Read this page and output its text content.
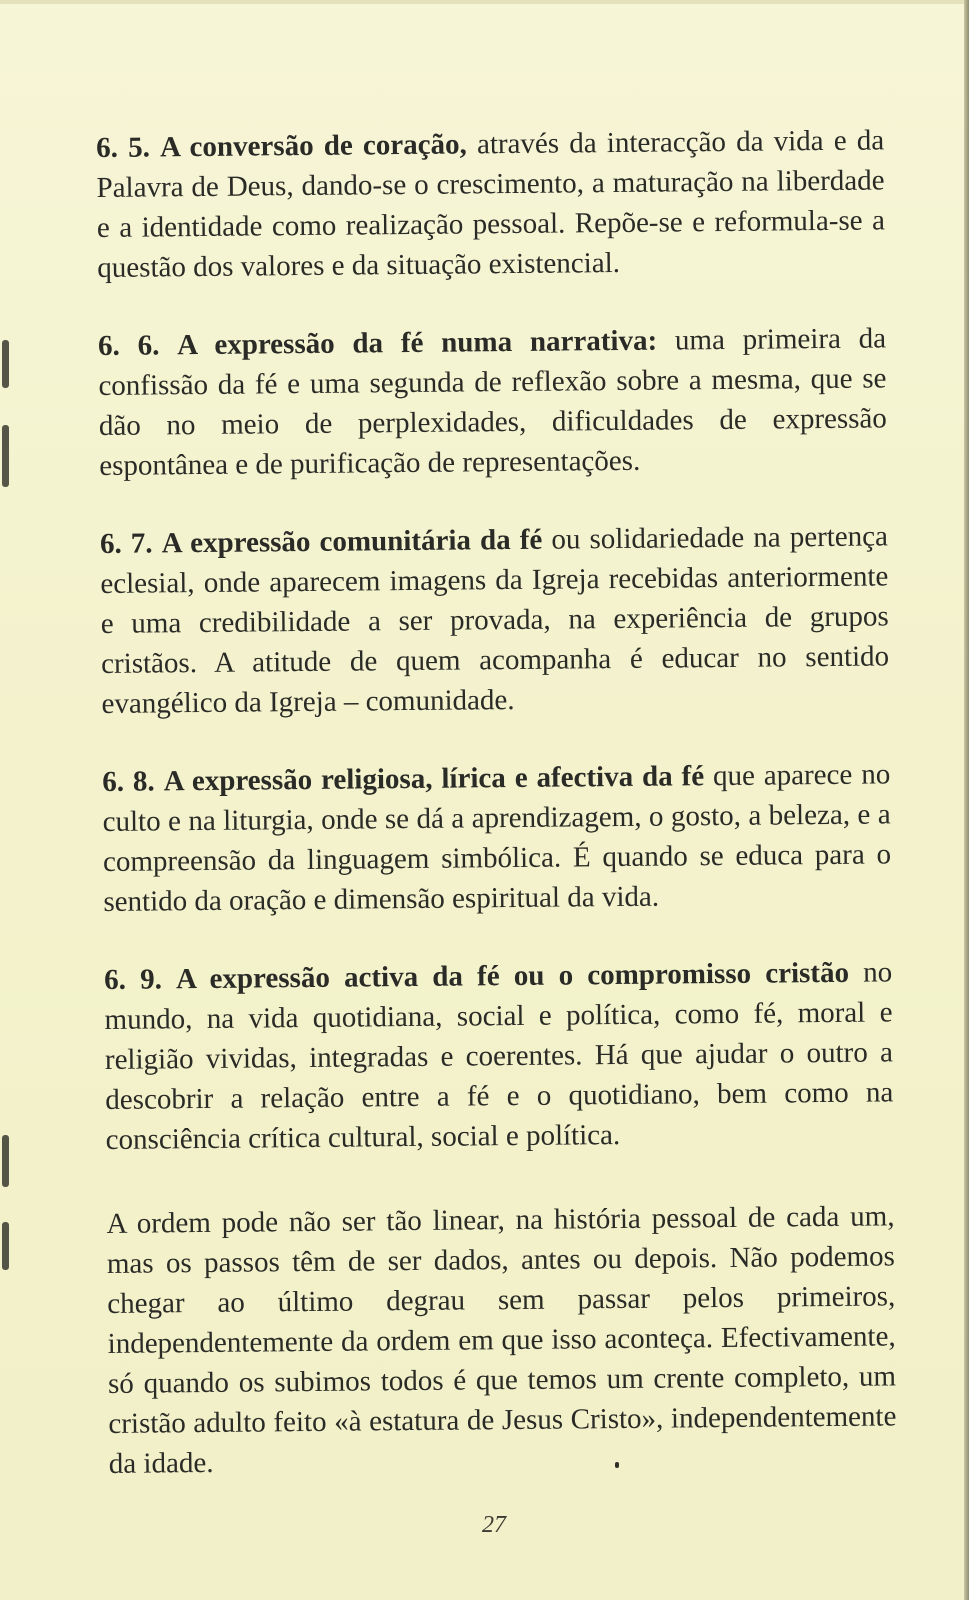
6. 5. A conversão de coração, através da interacção da vida e da Palavra de Deus, dando-se o crescimento, a maturação na liberdade e a identidade como realização pessoal. Repõe-se e reformula-se a questão dos valores e da situação existencial.

6. 6. A expressão da fé numa narrativa: uma primeira da confissão da fé e uma segunda de reflexão sobre a mesma, que se dão no meio de perplexidades, dificuldades de expressão espontânea e de purificação de representações.

6. 7. A expressão comunitária da fé ou solidariedade na pertença eclesial, onde aparecem imagens da Igreja recebidas anteriormente e uma credibilidade a ser provada, na experiência de grupos cristãos. A atitude de quem acompanha é educar no sentido evangélico da Igreja – comunidade.

6. 8. A expressão religiosa, lírica e afectiva da fé que aparece no culto e na liturgia, onde se dá a aprendizagem, o gosto, a beleza, e a compreensão da linguagem simbólica. É quando se educa para o sentido da oração e dimensão espiritual da vida.

6. 9. A expressão activa da fé ou o compromisso cristão no mundo, na vida quotidiana, social e política, como fé, moral e religião vividas, integradas e coerentes. Há que ajudar o outro a descobrir a relação entre a fé e o quotidiano, bem como na consciência crítica cultural, social e política.

A ordem pode não ser tão linear, na história pessoal de cada um, mas os passos têm de ser dados, antes ou depois. Não podemos chegar ao último degrau sem passar pelos primeiros, independentemente da ordem em que isso aconteça. Efectivamente, só quando os subimos todos é que temos um crente completo, um cristão adulto feito «à estatura de Jesus Cristo», independentemente da idade.

27
